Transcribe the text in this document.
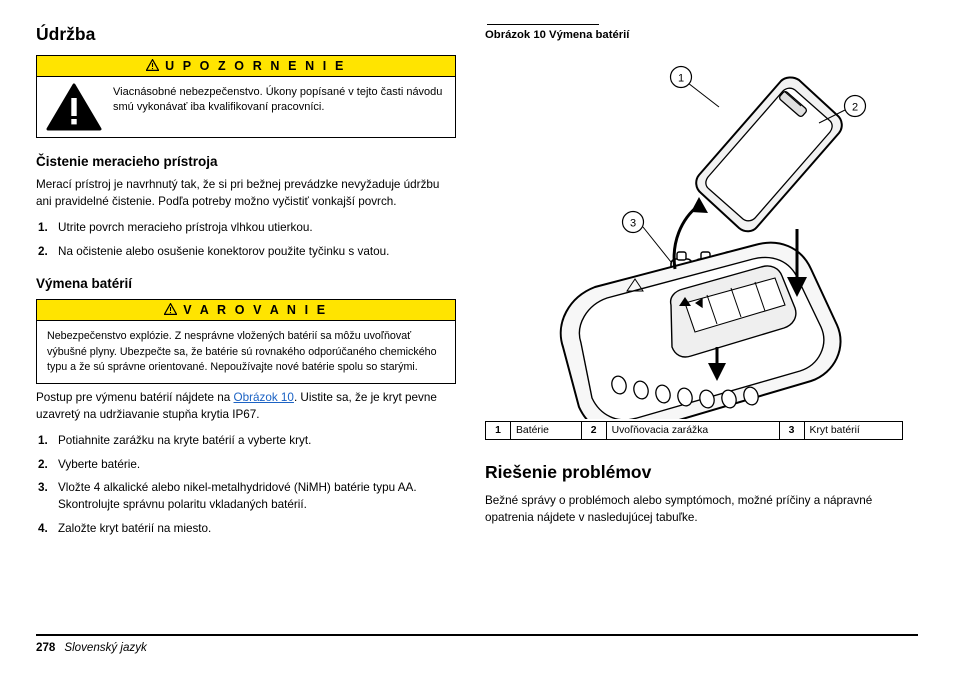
Údržba
U P O Z O R N E N I E
Viacnásobné nebezpečenstvo. Úkony popísané v tejto časti návodu smú vykonávať iba kvalifikovaní pracovníci.
Čistenie meracieho prístroja

Merací prístroj je navrhnutý tak, že si pri bežnej prevádzke nevyžaduje údržbu ani pravidelné čistenie. Podľa potreby možno vyčistiť vonkajší povrch.

1. Utrite povrch meracieho prístroja vlhkou utierkou.
2. Na očistenie alebo osušenie konektorov použite tyčinku s vatou.
Výmena batérií
V A R O V A N I E
Nebezpečenstvo explózie. Z nesprávne vložených batérií sa môžu uvoľňovať výbušné plyny. Ubezpečte sa, že batérie sú rovnakého odporúčaného chemického typu a že sú správne orientované. Nepoužívajte nové batérie spolu so starými.

Postup pre výmenu batérií nájdete na Obrázok 10. Uistite sa, že je kryt pevne uzavretý na udržiavanie stupňa krytia IP67.

1. Potiahnite zarážku na kryte batérií a vyberte kryt.
2. Vyberte batérie.
3. Vložte 4 alkalické alebo nikel-metalhydridové (NiMH) batérie typu AA. Skontrolujte správnu polaritu vkladaných batérií.
4. Založte kryt batérií na miesto.
Obrázok 10 Výmena batérií
1
2
3
1	Batérie	2	Uvoľňovacia zarážka	3	Kryt batérií
Riešenie problémov

Bežné správy o problémoch alebo symptómoch, možné príčiny a nápravné opatrenia nájdete v nasledujúcej tabuľke.

278 Slovenský jazyk
